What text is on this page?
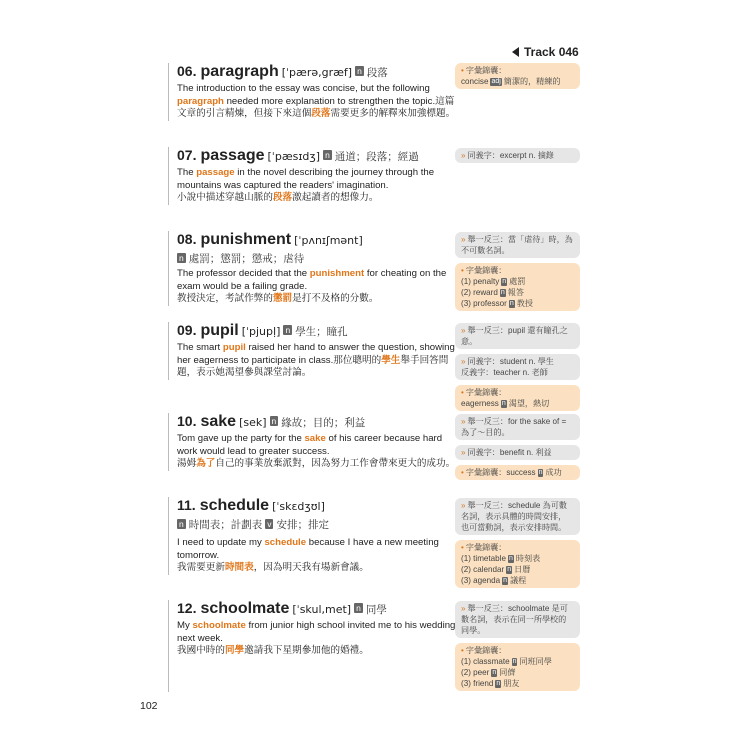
Track 046
06. paragraph [ˈpærə,græf] n 段落
The introduction to the essay was concise, but the following paragraph needed more explanation to strengthen the topic.這篇文章的引言精煉，但接下來這個段落需要更多的解釋來加強標題。
• 字彙錦囊：
concise adj 簡潔的，精練的
07. passage [ˈpæsɪdʒ] n 通道；段落；經過
The passage in the novel describing the journey through the mountains was captured the readers' imagination.
小說中描述穿越山脈的段落激起讀者的想像力。
» 同義字：excerpt n. 摘錄
08. punishment [ˈpʌnɪʃmənt]
n 處罰；懲罰；懲戒；虐待
The professor decided that the punishment for cheating on the exam would be a failing grade.
教授決定，考試作弊的懲罰是打不及格的分數。
» 舉一反三：當「虐待」時，為不可數名詞。
• 字彙錦囊：
(1) penalty n 處罰
(2) reward n 報答
(3) professor n 教授
09. pupil [ˈpjupḷ] n 學生；瞳孔
The smart pupil raised her hand to answer the question, showing her eagerness to participate in class.那位聰明的學生舉手回答問題，表示她渴望參與課堂討論。
» 舉一反三：pupil 還有瞳孔之意。
» 同義字：student n. 學生
反義字：teacher n. 老師
• 字彙錦囊：
eagerness n 渴望，熱切
10. sake [sek] n 緣故；目的；利益
Tom gave up the party for the sake of his career because hard work would lead to greater success.
湯姆為了自己的事業放棄派對，因為努力工作會帶來更大的成功。
» 舉一反三：for the sake of = 為了～目的。
» 同義字：benefit n. 利益
• 字彙錦囊：success n 成功
11. schedule [ˈskɛdʒʊl]
n 時間表；計劃表 v 安排；排定
I need to update my schedule because I have a new meeting tomorrow.
我需要更新時間表，因為明天我有場新會議。
» 舉一反三：schedule 為可數名詞，表示具體的時間安排，也可當動詞，表示安排時間。
• 字彙錦囊：
(1) timetable n 時刻表
(2) calendar n 日曆
(3) agenda n 議程
12. schoolmate [ˈskul,met] n 同學
My schoolmate from junior high school invited me to his wedding next week.
我國中時的同學邀請我下星期參加他的婚禮。
» 舉一反三：schoolmate 是可數名詞，表示在同一所學校的同學。
• 字彙錦囊：
(1) classmate n 同班同學
(2) peer n 同儕
(3) friend n 朋友
102
